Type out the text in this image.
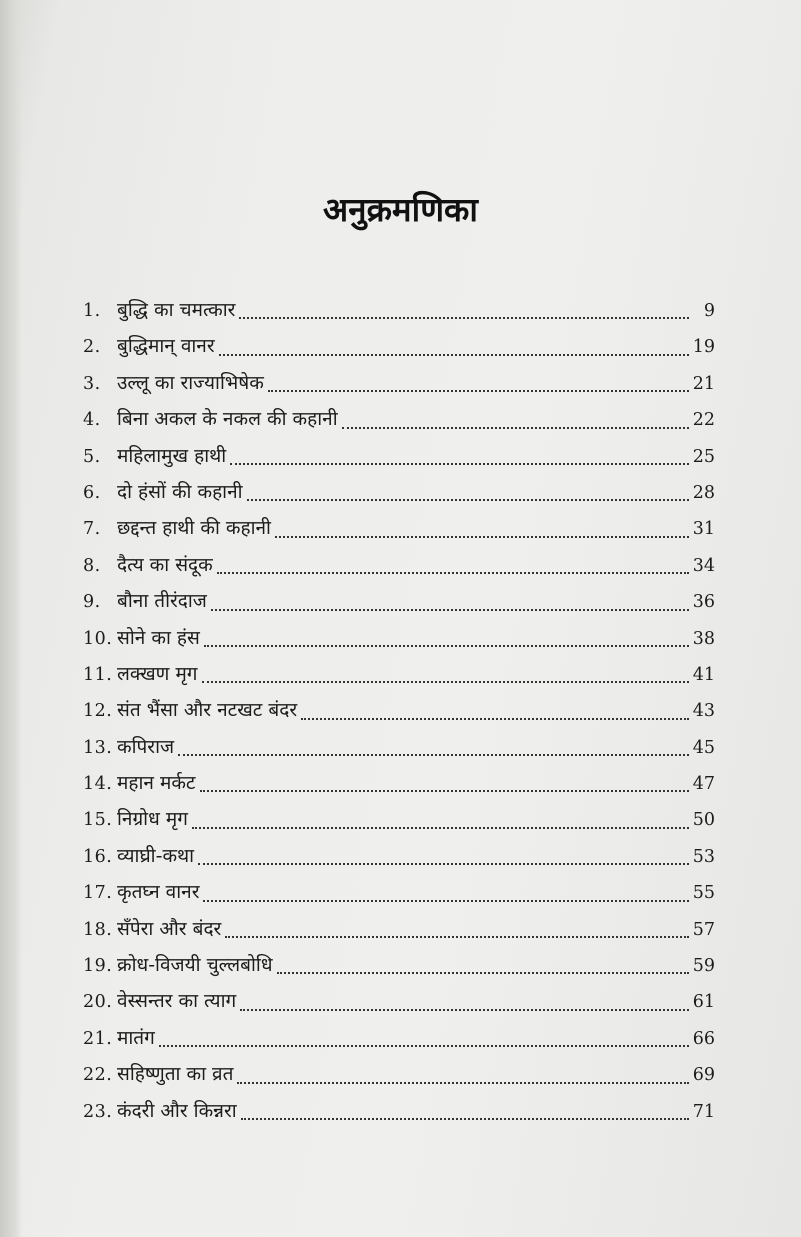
अनुक्रमणिका
1. बुद्धि का चमत्कार	9
2. बुद्धिमान् वानर	19
3. उल्लू का राज्याभिषेक	21
4. बिना अकल के नकल की कहानी	22
5. महिलामुख हाथी	25
6. दो हंसों की कहानी	28
7. छद्दन्त हाथी की कहानी	31
8. दैत्य का संदूक	34
9. बौना तीरंदाज	36
10. सोने का हंस	38
11. लक्खण मृग	41
12. संत भैंसा और नटखट बंदर	43
13. कपिराज	45
14. महान मर्कट	47
15. निग्रोध मृग	50
16. व्याघ्री-कथा	53
17. कृतघ्न वानर	55
18. सँपेरा और बंदर	57
19. क्रोध-विजयी चुल्लबोधि	59
20. वेस्सन्तर का त्याग	61
21. मातंग	66
22. सहिष्णुता का व्रत	69
23. कंदरी और किन्नरा	71
